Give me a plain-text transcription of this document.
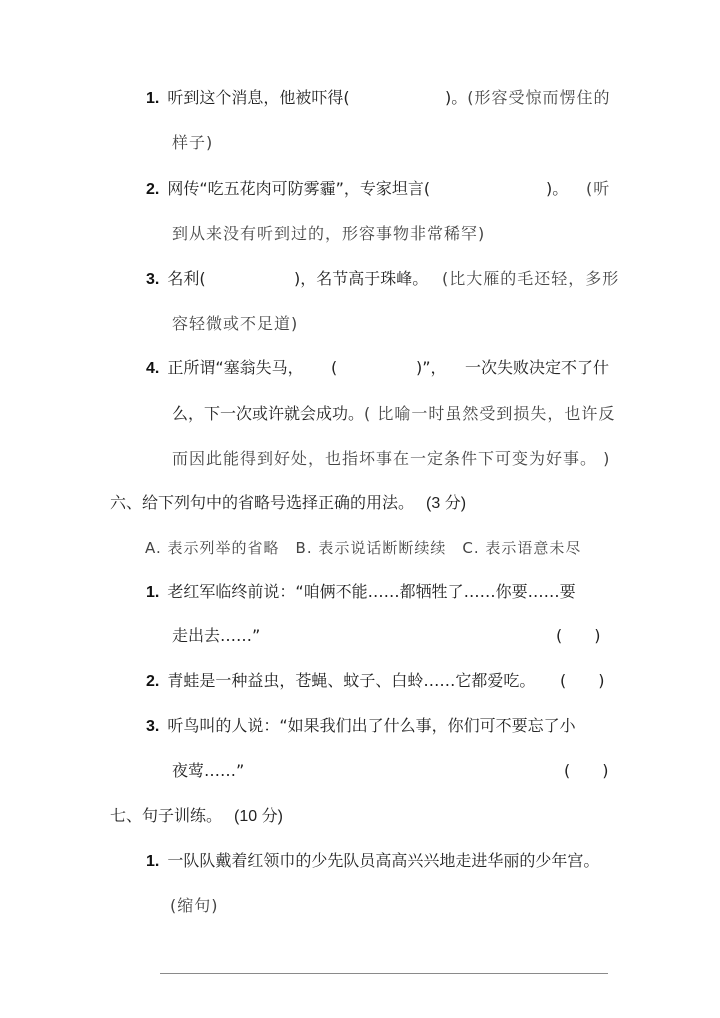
1. 听到这个消息，他被吓得(	)。(形容受惊而愣住的
样子)
2. 网传“吃五花肉可防雾霾”，专家坦言(	)。 (听
到从来没有听到过的，形容事物非常稀罕)
3. 名利(	)，名节高于珠峰。 (比大雁的毛还轻，多形
容轻微或不足道)
4. 正所谓“塞翁失马， (	)”， 一次失败决定不了什
么，下一次或许就会成功。( 比喻一时虽然受到损失，也许反
而因此能得到好处，也指坏事在一定条件下可变为好事。 )
六、给下列句中的省略号选择正确的用法。 (3 分)
A. 表示列举的省略　B. 表示说话断断续续　C. 表示语意未尽
1. 老红军临终前说：“咱俩不能……都牺牲了……你要……要
走出去……”	(　　)
2. 青蛙是一种益虫，苍蝇、蚊子、白蛉……它都爱吃。 (　　)
3. 听鸟叫的人说：“如果我们出了什么事，你们可不要忘了小
夜莺……”	(　　)
七、句子训练。 (10 分)
1. 一队队戴着红领巾的少先队员高高兴兴地走进华丽的少年宫。
(缩句)
